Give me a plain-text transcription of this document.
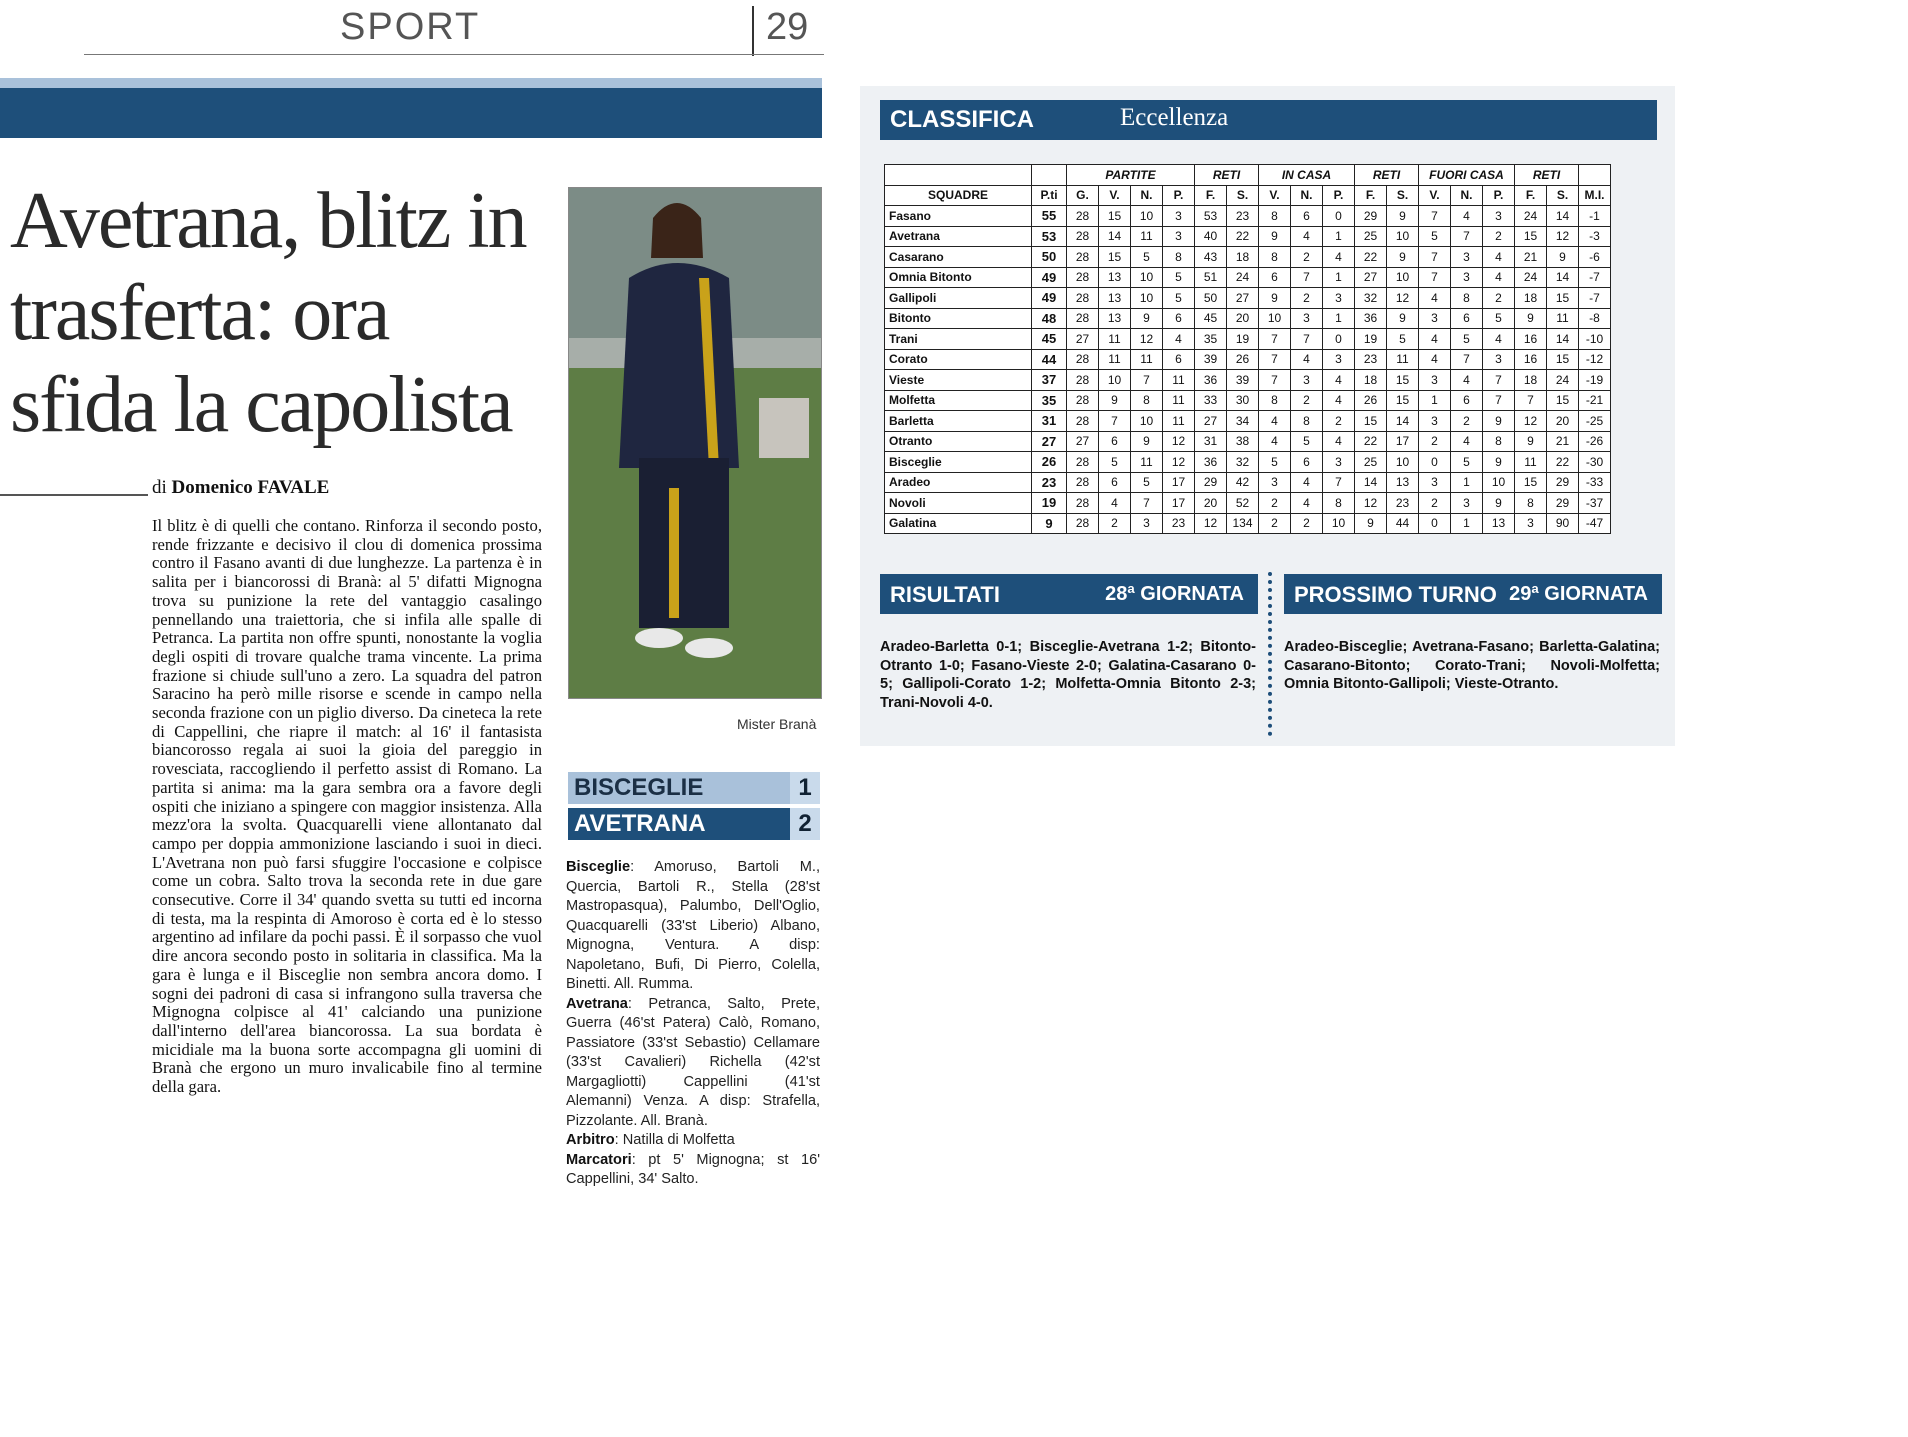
SPORT	29
Avetrana, blitz in trasferta: ora sfida la capolista
di Domenico FAVALE

Il blitz è di quelli che contano. Rinforza il secondo posto, rende frizzante e decisivo il clou di domenica prossima contro il Fasano avanti di due lunghezze. La partenza è in salita per i biancorossi di Branà: al 5' difatti Mignogna trova su punizione la rete del vantaggio casalingo pennellando una traiettoria, che si infila alle spalle di Petranca. La partita non offre spunti, nonostante la voglia degli ospiti di trovare qualche trama vincente. La prima frazione si chiude sull'uno a zero. La squadra del patron Saracino ha però mille risorse e scende in campo nella seconda frazione con un piglio diverso. Da cineteca la rete di Cappellini, che riapre il match: al 16' il fantasista biancorosso regala ai suoi la gioia del pareggio in rovesciata, raccogliendo il perfetto assist di Romano. La partita si anima: ma la gara sembra ora a favore degli ospiti che iniziano a spingere con maggior insistenza. Alla mezz'ora la svolta. Quacquarelli viene allontanato dal campo per doppia ammonizione lasciando i suoi in dieci. L'Avetrana non può farsi sfuggire l'occasione e colpisce come un cobra. Salto trova la seconda rete in due gare consecutive. Corre il 34' quando svetta su tutti ed incorna di testa, ma la respinta di Amoroso è corta ed è lo stesso argentino ad infilare da pochi passi. È il sorpasso che vuol dire ancora secondo posto in solitaria in classifica. Ma la gara è lunga e il Bisceglie non sembra ancora domo. I sogni dei padroni di casa si infrangono sulla traversa che Mignogna colpisce al 41' calciando una punizione dall'interno dell'area biancorossa. La sua bordata è micidiale ma la buona sorte accompagna gli uomini di Branà che ergono un muro invalicabile fino al termine della gara.

Mister Branà
BISCEGLIE	1
AVETRANA	2
Bisceglie: Amoruso, Bartoli M., Quercia, Bartoli R., Stella (28'st Mastropasqua), Palumbo, Dell'Oglio, Quacquarelli (33'st Liberio) Albano, Mignogna, Ventura. A disp: Napoletano, Bufi, Di Pierro, Colella, Binetti. All. Rumma.
Avetrana: Petranca, Salto, Prete, Guerra (46'st Patera) Calò, Romano, Passiatore (33'st Sebastio) Cellamare (33'st Cavalieri) Richella (42'st Margagliotti) Cappellini (41'st Alemanni) Venza. A disp: Strafella, Pizzolante. All. Branà.
Arbitro: Natilla di Molfetta
Marcatori: pt 5' Mignogna; st 16' Cappellini, 34' Salto.
CLASSIFICA	Eccellenza
		PARTITE				RETI		IN CASA			RETI		FUORI CASA			RETI		
SQUADRE	P.ti	G.	V.	N.	P.	F.	S.	V.	N.	P.	F.	S.	V.	N.	P.	F.	S.	M.I.
Fasano	55	28	15	10	3	53	23	8	6	0	29	9	7	4	3	24	14	-1
Avetrana	53	28	14	11	3	40	22	9	4	1	25	10	5	7	2	15	12	-3
Casarano	50	28	15	5	8	43	18	8	2	4	22	9	7	3	4	21	9	-6
Omnia Bitonto	49	28	13	10	5	51	24	6	7	1	27	10	7	3	4	24	14	-7
Gallipoli	49	28	13	10	5	50	27	9	2	3	32	12	4	8	2	18	15	-7
Bitonto	48	28	13	9	6	45	20	10	3	1	36	9	3	6	5	9	11	-8
Trani	45	27	11	12	4	35	19	7	7	0	19	5	4	5	4	16	14	-10
Corato	44	28	11	11	6	39	26	7	4	3	23	11	4	7	3	16	15	-12
Vieste	37	28	10	7	11	36	39	7	3	4	18	15	3	4	7	18	24	-19
Molfetta	35	28	9	8	11	33	30	8	2	4	26	15	1	6	7	7	15	-21
Barletta	31	28	7	10	11	27	34	4	8	2	15	14	3	2	9	12	20	-25
Otranto	27	27	6	9	12	31	38	4	5	4	22	17	2	4	8	9	21	-26
Bisceglie	26	28	5	11	12	36	32	5	6	3	25	10	0	5	9	11	22	-30
Aradeo	23	28	6	5	17	29	42	3	4	7	14	13	3	1	10	15	29	-33
Novoli	19	28	4	7	17	20	52	2	4	8	12	23	2	3	9	8	29	-37
Galatina	9	28	2	3	23	12	134	2	2	10	9	44	0	1	13	3	90	-47
RISULTATI	28ª GIORNATA PROSSIMO TURNO 29ª GIORNATA
Aradeo-Barletta 0-1; Bisceglie-Avetrana 1-2; Bitonto-Otranto 1-0; Fasano-Vieste 2-0; Galatina-Casarano 0-5; Gallipoli-Corato 1-2; Molfetta-Omnia Bitonto 2-3; Trani-Novoli 4-0.
Aradeo-Bisceglie; Avetrana-Fasano; Barletta-Galatina; Casarano-Bitonto; Corato-Trani; Novoli-Molfetta; Omnia Bitonto-Gallipoli; Vieste-Otranto.
